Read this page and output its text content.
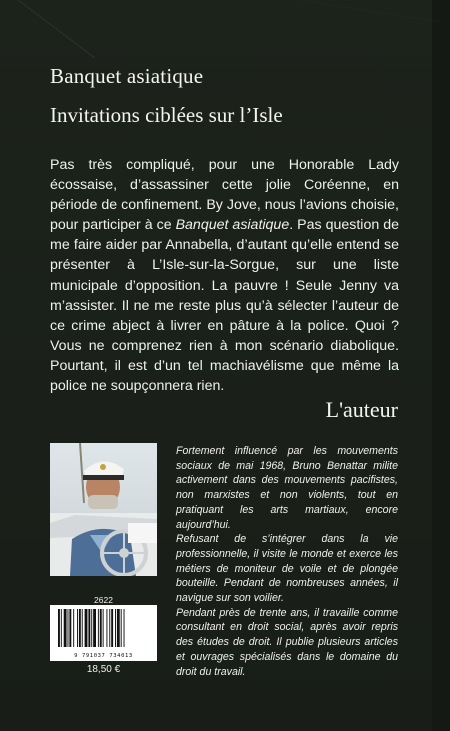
Banquet asiatique
Invitations ciblées sur l’Isle
Pas très compliqué, pour une Honorable Lady écossaise, d’assassiner cette jolie Coréenne, en période de confinement. By Jove, nous l’avions choisie, pour participer à ce Banquet asiatique. Pas question de me faire aider par Annabella, d’autant qu’elle entend se présenter à L’Isle-sur-la-Sorgue, sur une liste municipale d’opposition. La pauvre ! Seule Jenny va m’assister. Il ne me reste plus qu’à sélecter l’auteur de ce crime abject à livrer en pâture à la police. Quoi ? Vous ne comprenez rien à mon scénario diabolique. Pourtant, il est d’un tel machiavélisme que même la police ne soupçonnera rien.
L'auteur

Fortement influencé par les mouvements sociaux de mai 1968, Bruno Benattar milite activement dans des mouvements pacifistes, non marxistes et non violents, tout en pratiquant les arts martiaux, encore aujourd’hui.

Refusant de s’intégrer dans la vie professionnelle, il visite le monde et exerce les métiers de moniteur de voile et de plongée bouteille. Pendant de nombreuses années, il navigue sur son voilier.

Pendant près de trente ans, il travaille comme consultant en droit social, après avoir repris des études de droit. Il publie plusieurs articles et ouvrages spécialisés dans le domaine du droit du travail.

2622
9 791037 734013
18,50 €
